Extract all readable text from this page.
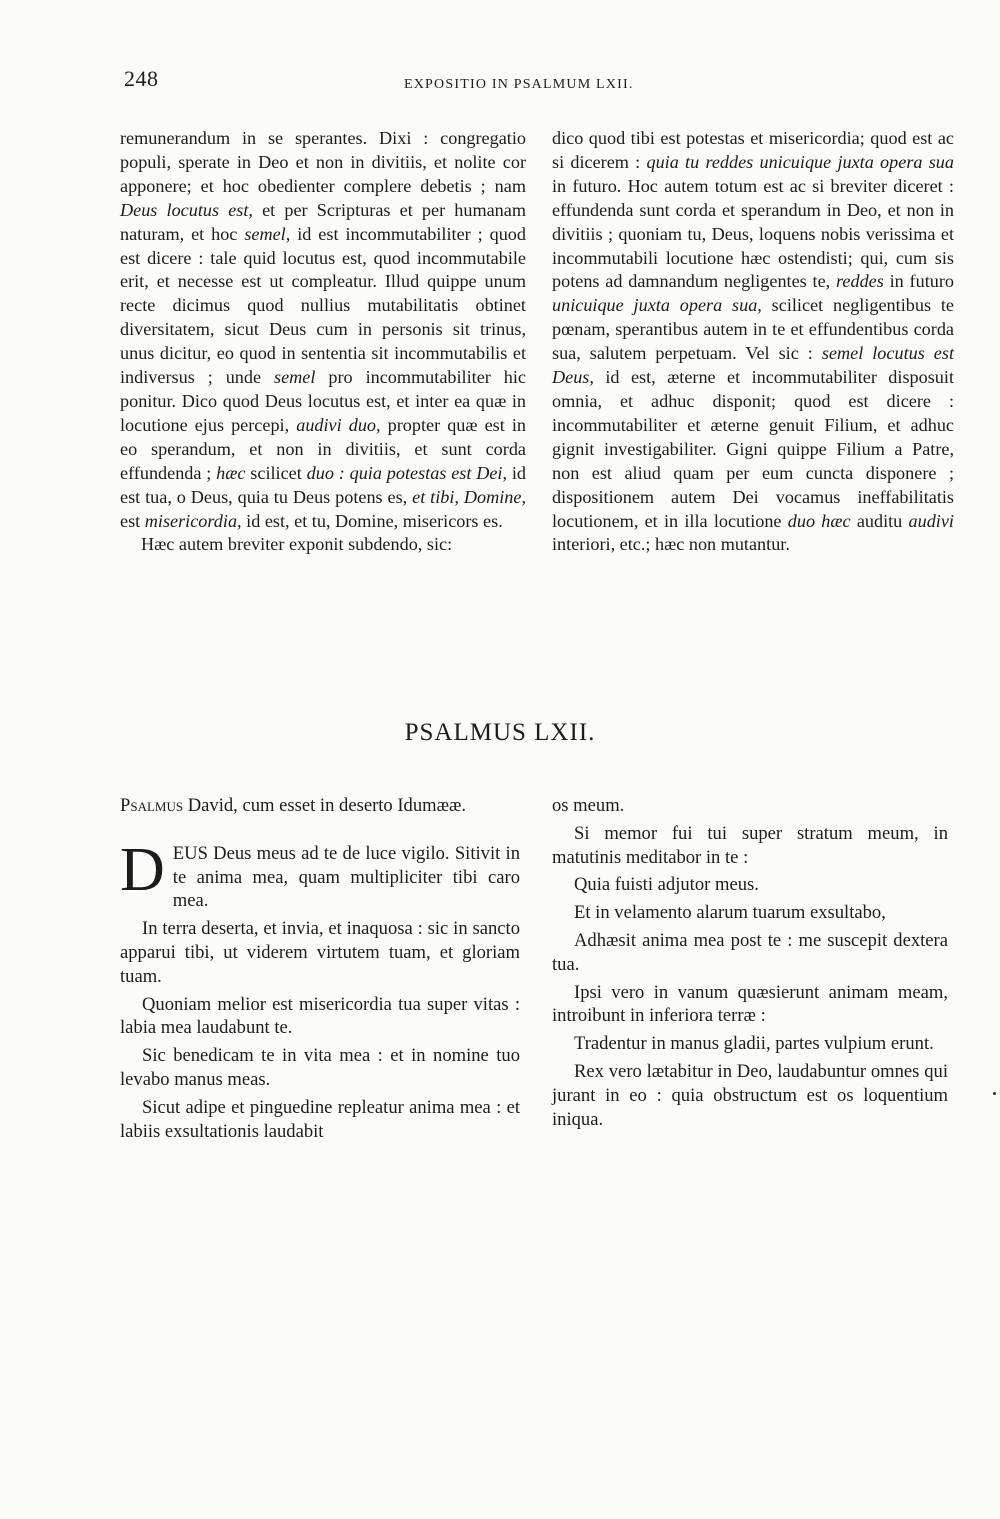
248	EXPOSITIO IN PSALMUM LXII.

remunerandum in se sperantes. Dixi : congregatio populi, sperate in Deo et non in divitiis, et nolite cor apponere; et hoc obedienter complere debetis ; nam Deus locutus est, et per Scripturas et per humanam naturam, et hoc semel, id est incommutabiliter ; quod est dicere : tale quid locutus est, quod incommutabile erit, et necesse est ut compleatur. Illud quippe unum recte dicimus quod nullius mutabilitatis obtinet diversitatem, sicut Deus cum in personis sit trinus, unus dicitur, eo quod in sententia sit incommutabilis et indiversus ; unde semel pro incommutabiliter hic ponitur. Dico quod Deus locutus est, et inter ea quæ in locutione ejus percepi, audivi duo, propter quæ est in eo sperandum, et non in divitiis, et sunt corda effundenda ; hæc scilicet duo : quia potestas est Dei, id est tua, o Deus, quia tu Deus potens es, et tibi, Domine, est misericordia, id est, et tu, Domine, misericors es.

Hæc autem breviter exponit subdendo, sic:

dico quod tibi est potestas et misericordia; quod est ac si dicerem : quia tu reddes unicuique juxta opera sua in futuro. Hoc autem totum est ac si breviter diceret : effundenda sunt corda et sperandum in Deo, et non in divitiis ; quoniam tu, Deus, loquens nobis verissima et incommutabili locutione hæc ostendisti; qui, cum sis potens ad damnandum negligentes te, reddes in futuro unicuique juxta opera sua, scilicet negligentibus te pœnam, sperantibus autem in te et effundentibus corda sua, salutem perpetuam. Vel sic : semel locutus est Deus, id est, æterne et incommutabiliter disposuit omnia, et adhuc disponit; quod est dicere : incommutabiliter et æterne genuit Filium, et adhuc gignit investigabiliter. Gigni quippe Filium a Patre, non est aliud quam per eum cuncta disponere ; dispositionem autem Dei vocamus ineffabilitatis locutionem, et in illa locutione duo hæc auditu audivi interiori, etc.; hæc non mutantur.

PSALMUS LXII.

Psalmus David, cum esset in deserto Idumææ.

DEUS Deus meus ad te de luce vigilo. Sitivit in te anima mea, quam multipliciter tibi caro mea.

In terra deserta, et invia, et inaquosa : sic in sancto apparui tibi, ut viderem virtutem tuam, et gloriam tuam.

Quoniam melior est misericordia tua super vitas : labia mea laudabunt te.

Sic benedicam te in vita mea : et in nomine tuo levabo manus meas.

Sicut adipe et pinguedine repleatur anima mea : et labiis exsultationis laudabit

os meum.

Si memor fui tui super stratum meum, in matutinis meditabor in te :

Quia fuisti adjutor meus.

Et in velamento alarum tuarum exsultabo,

Adhæsit anima mea post te : me suscepit dextera tua.

Ipsi vero in vanum quæsierunt animam meam, introibunt in inferiora terræ :

Tradentur in manus gladii, partes vulpium erunt.

Rex vero lætabitur in Deo, laudabuntur omnes qui jurant in eo : quia obstructum est os loquentium iniqua.
